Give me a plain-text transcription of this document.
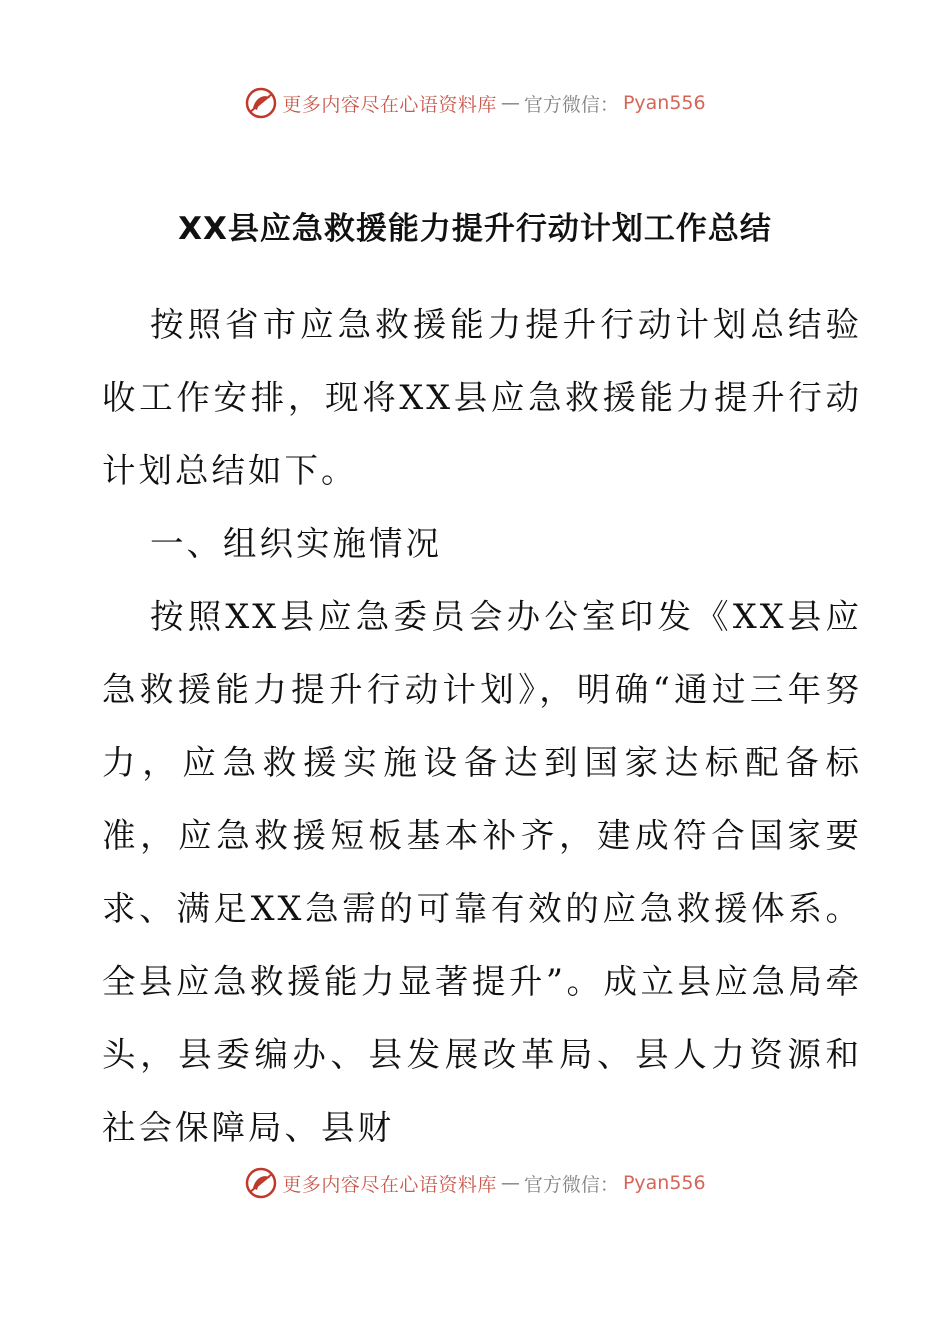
更多内容尽在心语资料库 — 官方微信： Pyan556
XX县应急救援能力提升行动计划工作总结

按照省市应急救援能力提升行动计划总结验收工作安排，现将XX县应急救援能力提升行动计划总结如下。

一、组织实施情况

按照XX县应急委员会办公室印发《XX县应急救援能力提升行动计划》，明确“通过三年努力，应急救援实施设备达到国家达标配备标准，应急救援短板基本补齐，建成符合国家要求、满足XX急需的可靠有效的应急救援体系。全县应急救援能力显著提升”。成立县应急局牵头，县委编办、县发展改革局、县人力资源和社会保障局、县财

更多内容尽在心语资料库 — 官方微信： Pyan556
